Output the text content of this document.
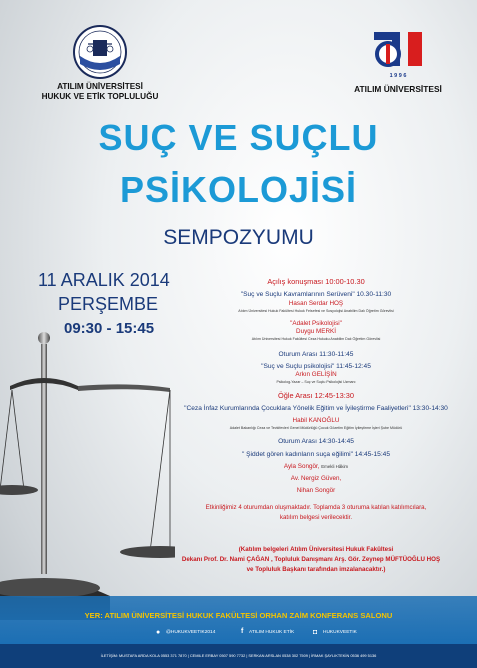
ATILIM ÜNİVERSİTESİ
HUKUK VE ETİK TOPLULUĞU
1 9 9 6
ATILIM ÜNİVERSİTESİ
SUÇ VE SUÇLU
PSİKOLOJİSİ
SEMPOZYUMU
11 ARALIK 2014
PERŞEMBE
09:30 - 15:45
Açılış konuşması 10:00-10.30
"Suç ve Suçlu Kavramlarının Serüveni" 10.30-11:30
Hasan Serdar HOŞ
Atılım Üniversitesi Hukuk Fakültesi Hukuk Felsefesi ve Sosyolojisi Anabilim Dalı Öğretim Görevlisi
"Adalet Psikolojisi"
Duygu MERKİ
Atılım Üniversitesi Hukuk Fakültesi Ceza Hukuku Anabilim Dalı Öğretim Görevlisi
Oturum Arası 11:30-11:45
"Suç ve Suçlu psikolojisi" 11:45-12:45
Arkın GELİŞİN
Psikolog-Yazar – Suç ve Suçlu Psikolojisi Uzmanı
Öğle Arası 12:45-13:30
"Ceza İnfaz Kurumlarında Çocuklara Yönelik Eğitim ve İyileştirme Faaliyetleri" 13:30-14:30
Habil KANOĞLU
Adalet Bakanlığı Ceza ve Tevkifevleri Genel Müdürlüğü Çocuk Gözetim Eğitim İyileştirme İşleri Şube Müdürü
Oturum Arası 14:30-14:45
" Şiddet gören kadınların suça eğilimi" 14:45-15:45
Ayla Songör, Emekli Hâkim
Av. Nergiz Güven,
Nihan Songör
Etkinliğimiz 4 oturumdan oluşmaktadır. Toplamda 3 oturuma katılan katılımcılara,
katılım belgesi verilecektir.
(Katılım belgeleri Atılım Üniversitesi Hukuk Fakültesi
Dekanı Prof. Dr. Nami ÇAĞAN , Topluluk Danışmanı Arş. Gör. Zeynep MÜFTÜOĞLU HOŞ
ve Topluluk Başkanı tarafından imzalanacaktır.)
YER: ATILIM ÜNİVERSİTESİ HUKUK FAKÜLTESİ ORHAN ZAİM KONFERANS SALONU
● @HUKUKVEETIK2014	f ATILIM HUKUK ETİK	◘ HUKUKVEETIK
İLETİŞİM: MUSTAFA ARDA KOLA 0553 371 7870 | CEMILE ERBAY 0507 590 7732 | SERKAN ARSLAN 0538 302 7509 | İRMAK ŞAYLIKTEKİN 0536 499 5136
